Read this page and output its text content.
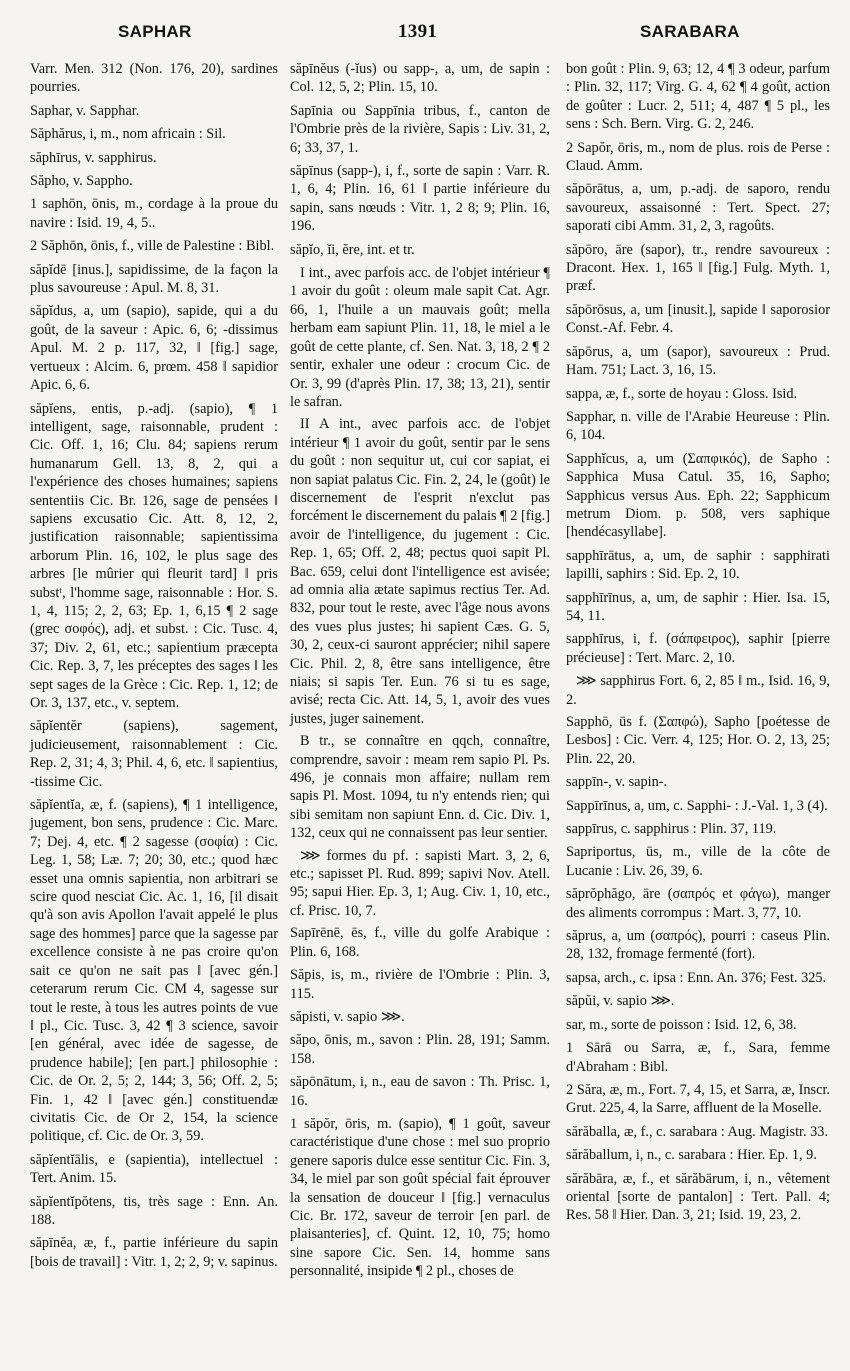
SAPHAR	1391	SARABARA

Varr. Men. 312 (Non. 176, 20), sardines pourries.

Saphar, v. Sapphar.

Săphărus, i, m., nom africain : Sil.

săphīrus, v. sapphirus.

Săpho, v. Sappho.

1 saphōn, ōnis, m., cordage à la proue du navire : Isid. 19, 4, 5..

2 Săphōn, ōnis, f., ville de Palestine : Bibl.

săpĭdē [inus.], sapidissime, de la façon la plus savoureuse : Apul. M. 8, 31.

săpĭdus, a, um (sapio), sapide, qui a du goût, de la saveur : Apic. 6, 6; -dissimus Apul. M. 2 p. 117, 32, ‖ [fig.] sage, vertueux : Alcim. 6, prœm. 458 ‖ sapidior Apic. 6, 6.

săpĭens, entis, p.-adj. (sapio), ¶ 1 intelligent, sage, raisonnable, prudent : Cic. Off. 1, 16; Clu. 84; sapiens rerum humanarum Gell. 13, 8, 2, qui a l'expérience des choses humaines; sapiens sententiis Cic. Br. 126, sage de pensées ‖ sapiens excusatio Cic. Att. 8, 12, 2, justification raisonnable; sapientissima arborum Plin. 16, 102, le plus sage des arbres [le mûrier qui fleurit tard] ‖ pris substᵗ, l'homme sage, raisonnable : Hor. S. 1, 4, 115; 2, 2, 63; Ep. 1, 6,15 ¶ 2 sage (grec σοφός), adj. et subst. : Cic. Tusc. 4, 37; Div. 2, 61, etc.; sapientium præcepta Cic. Rep. 3, 7, les préceptes des sages ‖ les sept sages de la Grèce : Cic. Rep. 1, 12; de Or. 3, 137, etc., v. septem.

săpĭentĕr (sapiens), sagement, judicieusement, raisonnablement : Cic. Rep. 2, 31; 4, 3; Phil. 4, 6, etc. ‖ sapientius, -tissime Cic.

săpĭentĭa, æ, f. (sapiens), ¶ 1 intelligence, jugement, bon sens, prudence : Cic. Marc. 7; Dej. 4, etc. ¶ 2 sagesse (σοφία) : Cic. Leg. 1, 58; Læ. 7; 20; 30, etc.; quod hæc esset una omnis sapientia, non arbitrari se scire quod nesciat Cic. Ac. 1, 16, [il disait qu'à son avis Apollon l'avait appelé le plus sage des hommes] parce que la sagesse par excellence consiste à ne pas croire qu'on sait ce qu'on ne sait pas ‖ [avec gén.] ceterarum rerum Cic. CM 4, sagesse sur tout le reste, à tous les autres points de vue ‖ pl., Cic. Tusc. 3, 42 ¶ 3 science, savoir [en général, avec idée de sagesse, de prudence habile]; [en part.] philosophie : Cic. de Or. 2, 5; 2, 144; 3, 56; Off. 2, 5; Fin. 1, 42 ‖ [avec gén.] constituendæ civitatis Cic. de Or 2, 154, la science politique, cf. Cic. de Or. 3, 59.

săpĭentĭālis, e (sapientia), intellectuel : Tert. Anim. 15.

săpĭentĭpŏtens, tis, très sage : Enn. An. 188.

săpīnĕa, æ, f., partie inférieure du sapin [bois de travail] : Vitr. 1, 2; 2, 9; v. sapinus.

săpīnĕus (-ĭus) ou sapp-, a, um, de sapin : Col. 12, 5, 2; Plin. 15, 10.

Sapīnia ou Sappīnia tribus, f., canton de l'Ombrie près de la rivière, Sapis : Liv. 31, 2, 6; 33, 37, 1.

săpīnus (sapp-), i, f., sorte de sapin : Varr. R. 1, 6, 4; Plin. 16, 61 ‖ partie inférieure du sapin, sans nœuds : Vitr. 1, 2 8; 9; Plin. 16, 196.

săpĭo, ĭi, ĕre, int. et tr.

I int., avec parfois acc. de l'objet intérieur ¶ 1 avoir du goût : oleum male sapit Cat. Agr. 66, 1, l'huile a un mauvais goût; mella herbam eam sapiunt Plin. 11, 18, le miel a le goût de cette plante, cf. Sen. Nat. 3, 18, 2 ¶ 2 sentir, exhaler une odeur : crocum Cic. de Or. 3, 99 (d'après Plin. 17, 38; 13, 21), sentir le safran.

II A int., avec parfois acc. de l'objet intérieur ¶ 1 avoir du goût, sentir par le sens du goût : non sequitur ut, cui cor sapiat, ei non sapiat palatus Cic. Fin. 2, 24, le (goût) le discernement de l'esprit n'exclut pas forcément le discernement du palais ¶ 2 [fig.] avoir de l'intelligence, du jugement : Cic. Rep. 1, 65; Off. 2, 48; pectus quoi sapit Pl. Bac. 659, celui dont l'intelligence est avisée; ad omnia alia ætate sapimus rectius Ter. Ad. 832, pour tout le reste, avec l'âge nous avons des vues plus justes; hi sapient Cæs. G. 5, 30, 2, ceux-ci sauront apprécier; nihil sapere Cic. Phil. 2, 8, être sans intelligence, être niais; si sapis Ter. Eun. 76 si tu es sage, avisé; recta Cic. Att. 14, 5, 1, avoir des vues justes, juger sainement.

B tr., se connaître en qqch, connaître, comprendre, savoir : meam rem sapio Pl. Ps. 496, je connais mon affaire; nullam rem sapis Pl. Most. 1094, tu n'y entends rien; qui sibi semitam non sapiunt Enn. d. Cic. Div. 1, 132, ceux qui ne connaissent pas leur sentier.

⋙ formes du pf. : sapisti Mart. 3, 2, 6, etc.; sapisset Pl. Rud. 899; sapivi Nov. Atell. 95; sapui Hier. Ep. 3, 1; Aug. Civ. 1, 10, etc., cf. Prisc. 10, 7.

Sapīrēnē, ēs, f., ville du golfe Arabique : Plin. 6, 168.

Săpis, is, m., rivière de l'Ombrie : Plin. 3, 115.

săpisti, v. sapio ⋙.

săpo, ōnis, m., savon : Plin. 28, 191; Samm. 158.

săpōnātum, i, n., eau de savon : Th. Prisc. 1, 16.

1 săpŏr, ōris, m. (sapio), ¶ 1 goût, saveur caractéristique d'une chose : mel suo proprio genere saporis dulce esse sentitur Cic. Fin. 3, 34, le miel par son goût spécial fait éprouver la sensation de douceur ‖ [fig.] vernaculus Cic. Br. 172, saveur de terroir [en parl. de plaisanteries], cf. Quint. 12, 10, 75; homo sine sapore Cic. Sen. 14, homme sans personnalité, insipide ¶ 2 pl., choses de

bon goût : Plin. 9, 63; 12, 4 ¶ 3 odeur, parfum : Plin. 32, 117; Virg. G. 4, 62 ¶ 4 goût, action de goûter : Lucr. 2, 511; 4, 487 ¶ 5 pl., les sens : Sch. Bern. Virg. G. 2, 246.

2 Sapŏr, ōris, m., nom de plus. rois de Perse : Claud. Amm.

săpōrātus, a, um, p.-adj. de saporo, rendu savoureux, assaisonné : Tert. Spect. 27; saporati cibi Amm. 31, 2, 3, ragoûts.

săpōro, āre (sapor), tr., rendre savoureux : Dracont. Hex. 1, 165 ‖ [fig.] Fulg. Myth. 1, præf.

săpōrōsus, a, um [inusit.], sapide ‖ saporosior Const.-Af. Febr. 4.

săpōrus, a, um (sapor), savoureux : Prud. Ham. 751; Lact. 3, 16, 15.

sappa, æ, f., sorte de hoyau : Gloss. Isid.

Sapphar, n. ville de l'Arabie Heureuse : Plin. 6, 104.

Sapphĭcus, a, um (Σαπφικός), de Sapho : Sapphica Musa Catul. 35, 16, Sapho; Sapphicus versus Aus. Eph. 22; Sapphicum metrum Diom. p. 508, vers saphique [hendécasyllabe].

sapphīrātus, a, um, de saphir : sapphirati lapilli, saphirs : Sid. Ep. 2, 10.

sapphīrīnus, a, um, de saphir : Hier. Isa. 15, 54, 11.

sapphīrus, i, f. (σάπφειρος), saphir [pierre précieuse] : Tert. Marc. 2, 10.

⋙ sapphirus Fort. 6, 2, 85 ‖ m., Isid. 16, 9, 2.

Sapphō, ūs f. (Σαπφώ), Sapho [poétesse de Lesbos] : Cic. Verr. 4, 125; Hor. O. 2, 13, 25; Plin. 22, 20.

sappīn-, v. sapin-.

Sappīrīnus, a, um, c. Sapphi- : J.-Val. 1, 3 (4).

sappīrus, c. sapphirus : Plin. 37, 119.

Sapriportus, ūs, m., ville de la côte de Lucanie : Liv. 26, 39, 6.

săprŏphăgo, āre (σαπρός et φάγω), manger des aliments corrompus : Mart. 3, 77, 10.

săprus, a, um (σαπρός), pourri : caseus Plin. 28, 132, fromage fermenté (fort).

sapsa, arch., c. ipsa : Enn. An. 376; Fest. 325.

săpŭi, v. sapio ⋙.

sar, m., sorte de poisson : Isid. 12, 6, 38.

1 Sārā ou Sarra, æ, f., Sara, femme d'Abraham : Bibl.

2 Săra, æ, m., Fort. 7, 4, 15, et Sarra, æ, Inscr. Grut. 225, 4, la Sarre, affluent de la Moselle.

sărăballa, æ, f., c. sarabara : Aug. Magistr. 33.

sărăballum, i, n., c. sarabara : Hier. Ep. 1, 9.

sărăbāra, æ, f., et sărăbārum, i, n., vêtement oriental [sorte de pantalon] : Tert. Pall. 4; Res. 58 ‖ Hier. Dan. 3, 21; Isid. 19, 23, 2.
